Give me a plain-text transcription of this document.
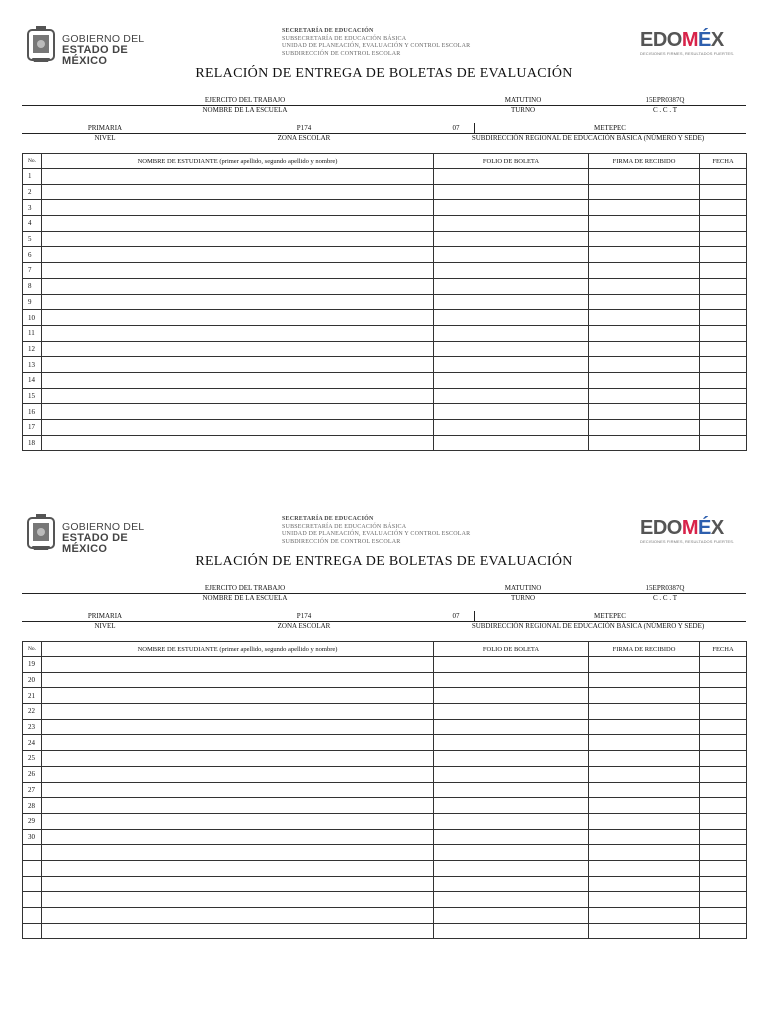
GOBIERNO DEL
ESTADO DE MÉXICO
SECRETARÍA DE EDUCACIÓN
SUBSECRETARÍA DE EDUCACIÓN BÁSICA
UNIDAD DE PLANEACIÓN, EVALUACIÓN Y CONTROL ESCOLAR
SUBDIRECCIÓN DE CONTROL ESCOLAR
EDOMÉX
DECISIONES FIRMES, RESULTADOS FUERTES.
RELACIÓN DE ENTREGA DE BOLETAS DE EVALUACIÓN
EJERCITO DEL TRABAJO	MATUTINO	15EPR0387Q
NOMBRE DE LA ESCUELA	TURNO	C . C . T
PRIMARIA	P174	07	METEPEC
NIVEL	ZONA ESCOLAR	SUBDIRECCIÓN REGIONAL DE EDUCACIÓN BÁSICA (NÚMERO Y SEDE)
No.	NOMBRE DE ESTUDIANTE (primer apellido, segundo apellido y nombre)	FOLIO DE BOLETA	FIRMA DE RECIBIDO	FECHA
1				
2				
3				
4				
5				
6				
7				
8				
9				
10				
11				
12				
13				
14				
15				
16				
17				
18				
GOBIERNO DEL
ESTADO DE MÉXICO
SECRETARÍA DE EDUCACIÓN
SUBSECRETARÍA DE EDUCACIÓN BÁSICA
UNIDAD DE PLANEACIÓN, EVALUACIÓN Y CONTROL ESCOLAR
SUBDIRECCIÓN DE CONTROL ESCOLAR
EDOMÉX
DECISIONES FIRMES, RESULTADOS FUERTES.
RELACIÓN DE ENTREGA DE BOLETAS DE EVALUACIÓN
EJERCITO DEL TRABAJO	MATUTINO	15EPR0387Q
NOMBRE DE LA ESCUELA	TURNO	C . C . T
PRIMARIA	P174	07	METEPEC
NIVEL	ZONA ESCOLAR	SUBDIRECCIÓN REGIONAL DE EDUCACIÓN BÁSICA (NÚMERO Y SEDE)
No.	NOMBRE DE ESTUDIANTE (primer apellido, segundo apellido y nombre)	FOLIO DE BOLETA	FIRMA DE RECIBIDO	FECHA
19				
20				
21				
22				
23				
24				
25				
26				
27				
28				
29				
30				
